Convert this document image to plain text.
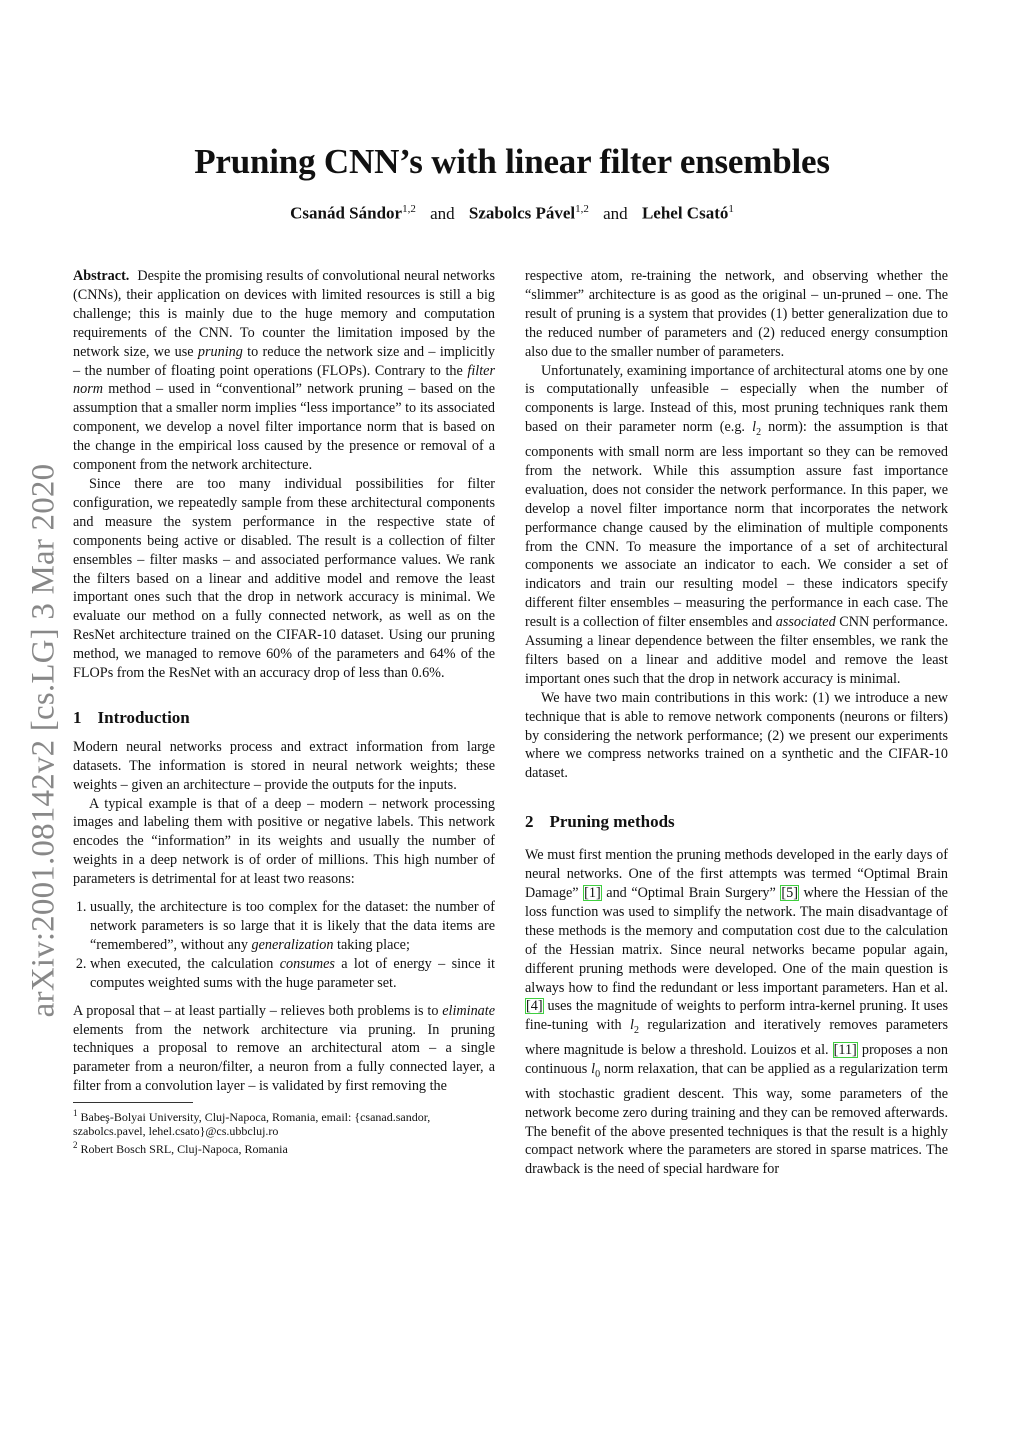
arXiv:2001.08142v2 [cs.LG] 3 Mar 2020
Pruning CNN’s with linear filter ensembles
Csanád Sándor$^{1,2}$ and Szabolcs Pável$^{1,2}$ and Lehel Csató$^1$

Abstract. Despite the promising results of convolutional neural networks (CNNs), their application on devices with limited resources is still a big challenge; this is mainly due to the huge memory and computation requirements of the CNN. To counter the limitation imposed by the network size, we use pruning to reduce the network size and – implicitly – the number of floating point operations (FLOPs). Contrary to the filter norm method – used in “conventional” network pruning – based on the assumption that a smaller norm implies “less importance” to its associated component, we develop a novel filter importance norm that is based on the change in the empirical loss caused by the presence or removal of a component from the network architecture.

Since there are too many individual possibilities for filter configuration, we repeatedly sample from these architectural components and measure the system performance in the respective state of components being active or disabled. The result is a collection of filter ensembles – filter masks – and associated performance values. We rank the filters based on a linear and additive model and remove the least important ones such that the drop in network accuracy is minimal. We evaluate our method on a fully connected network, as well as on the ResNet architecture trained on the CIFAR-10 dataset. Using our pruning method, we managed to remove 60% of the parameters and 64% of the FLOPs from the ResNet with an accuracy drop of less than 0.6%.

1 Introduction

Modern neural networks process and extract information from large datasets. The information is stored in neural network weights; these weights – given an architecture – provide the outputs for the inputs.

A typical example is that of a deep – modern – network processing images and labeling them with positive or negative labels. This network encodes the “information” in its weights and usually the number of weights in a deep network is of order of millions. This high number of parameters is detrimental for at least two reasons:

1. usually, the architecture is too complex for the dataset: the number of network parameters is so large that it is likely that the data items are “remembered”, without any generalization taking place;
2. when executed, the calculation consumes a lot of energy – since it computes weighted sums with the huge parameter set.

A proposal that – at least partially – relieves both problems is to eliminate elements from the network architecture via pruning. In pruning techniques a proposal to remove an architectural atom – a single parameter from a neuron/filter, a neuron from a fully connected layer, a filter from a convolution layer – is validated by first removing the

$^1$ Babeş-Bolyai University, Cluj-Napoca, Romania, email: {csanad.sandor, szabolcs.pavel, lehel.csato}@cs.ubbcluj.ro
$^2$ Robert Bosch SRL, Cluj-Napoca, Romania

respective atom, re-training the network, and observing whether the “slimmer” architecture is as good as the original – un-pruned – one. The result of pruning is a system that provides (1) better generalization due to the reduced number of parameters and (2) reduced energy consumption also due to the smaller number of parameters.

Unfortunately, examining importance of architectural atoms one by one is computationally unfeasible – especially when the number of components is large. Instead of this, most pruning techniques rank them based on their parameter norm (e.g. $l_2$ norm): the assumption is that components with small norm are less important so they can be removed from the network. While this assumption assure fast importance evaluation, does not consider the network performance. In this paper, we develop a novel filter importance norm that incorporates the network performance change caused by the elimination of multiple components from the CNN. To measure the importance of a set of architectural components we associate an indicator to each. We consider a set of indicators and train our resulting model – these indicators specify different filter ensembles – measuring the performance in each case. The result is a collection of filter ensembles and associated CNN performance. Assuming a linear dependence between the filter ensembles, we rank the filters based on a linear and additive model and remove the least important ones such that the drop in network accuracy is minimal.

We have two main contributions in this work: (1) we introduce a new technique that is able to remove network components (neurons or filters) by considering the network performance; (2) we present our experiments where we compress networks trained on a synthetic and the CIFAR-10 dataset.

2 Pruning methods

We must first mention the pruning methods developed in the early days of neural networks. One of the first attempts was termed “Optimal Brain Damage” [1] and “Optimal Brain Surgery” [5] where the Hessian of the loss function was used to simplify the network. The main disadvantage of these methods is the memory and computation cost due to the calculation of the Hessian matrix. Since neural networks became popular again, different pruning methods were developed. One of the main question is always how to find the redundant or less important parameters. Han et al. [4] uses the magnitude of weights to perform intra-kernel pruning. It uses fine-tuning with $l_2$ regularization and iteratively removes parameters where magnitude is below a threshold. Louizos et al. [11] proposes a non continuous $l_0$ norm relaxation, that can be applied as a regularization term with stochastic gradient descent. This way, some parameters of the network become zero during training and they can be removed afterwards. The benefit of the above presented techniques is that the result is a highly compact network where the parameters are stored in sparse matrices. The drawback is the need of special hardware for
